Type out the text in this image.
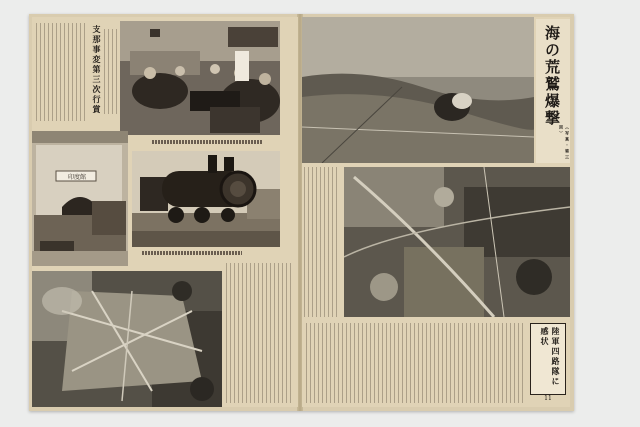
支那事変第三次行賞
印度館
海の荒鷲爆撃
（写真・第三回）
陸軍四路隊に感状
11
